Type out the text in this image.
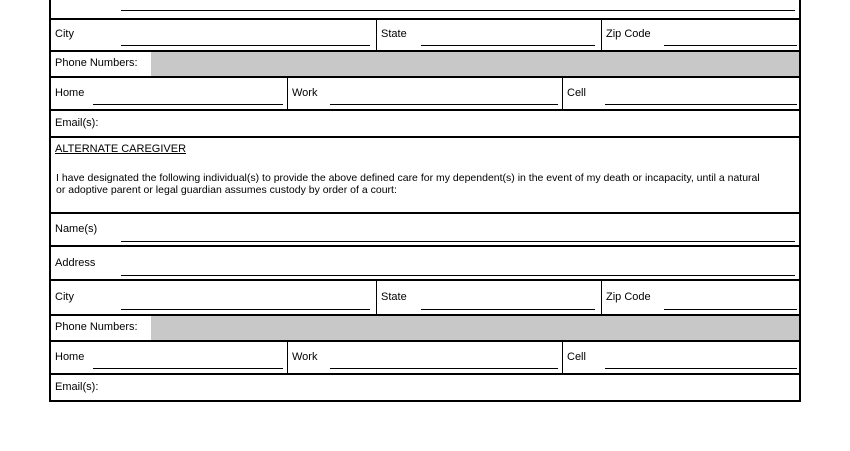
City	State	Zip Code
Phone Numbers:
Home	Work	Cell
Email(s):
ALTERNATE CAREGIVER
I have designated the following individual(s) to provide the above defined care for my dependent(s) in the event of my death or incapacity, until a natural or adoptive parent or legal guardian assumes custody by order of a court:
Name(s)
Address
City	State	Zip Code
Phone Numbers:
Home	Work	Cell
Email(s):
